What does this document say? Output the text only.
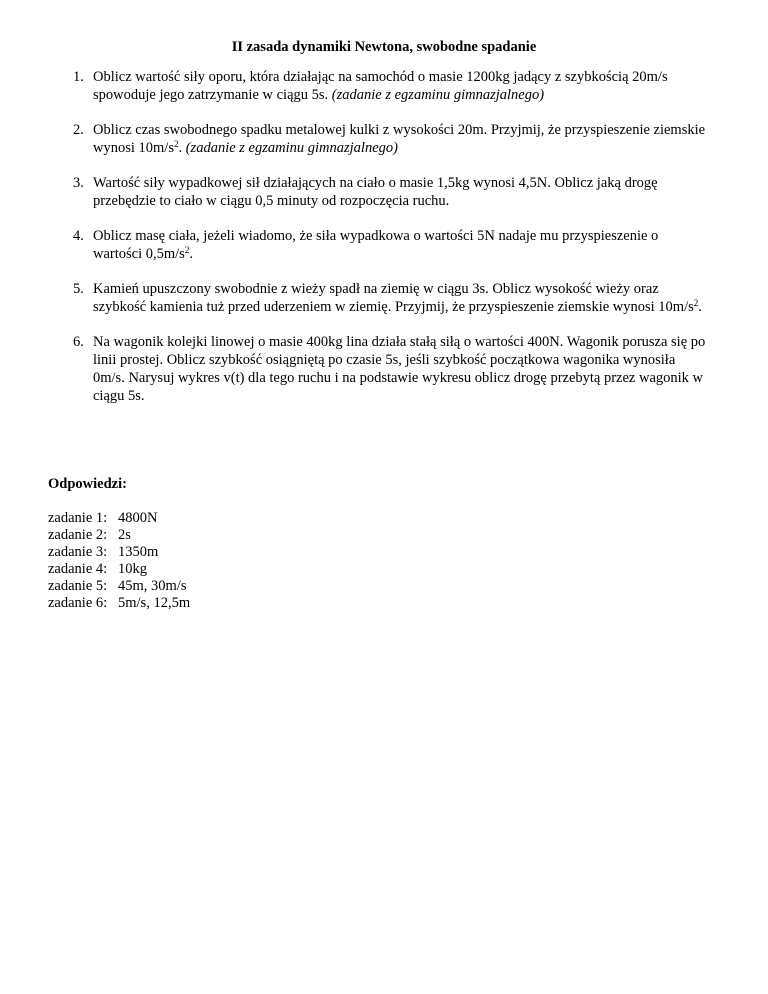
II zasada dynamiki Newtona, swobodne spadanie
1. Oblicz wartość siły oporu, która działając na samochód o masie 1200kg jadący z szybkością 20m/s spowoduje jego zatrzymanie w ciągu 5s. (zadanie z egzaminu gimnazjalnego)
2. Oblicz czas swobodnego spadku metalowej kulki z wysokości 20m. Przyjmij, że przyspieszenie ziemskie wynosi $10m/s^2$. (zadanie z egzaminu gimnazjalnego)
3. Wartość siły wypadkowej sił działających na ciało o masie 1,5kg wynosi 4,5N. Oblicz jaką drogę przebędzie to ciało w ciągu 0,5 minuty od rozpoczęcia ruchu.
4. Oblicz masę ciała, jeżeli wiadomo, że siła wypadkowa o wartości 5N nadaje mu przyspieszenie o wartości $0,5m/s^2$.
5. Kamień upuszczony swobodnie z wieży spadł na ziemię w ciągu 3s. Oblicz wysokość wieży oraz szybkość kamienia tuż przed uderzeniem w ziemię. Przyjmij, że przyspieszenie ziemskie wynosi $10m/s^2$.
6. Na wagonik kolejki linowej o masie 400kg lina działa stałą siłą o wartości 400N. Wagonik porusza się po linii prostej. Oblicz szybkość osiągniętą po czasie 5s, jeśli szybkość początkowa wagonika wynosiła 0m/s. Narysuj wykres v(t) dla tego ruchu i na podstawie wykresu oblicz drogę przebytą przez wagonik w ciągu 5s.
Odpowiedzi:
zadanie 1: 4800N
zadanie 2: 2s
zadanie 3: 1350m
zadanie 4: 10kg
zadanie 5: 45m, 30m/s
zadanie 6: 5m/s, 12,5m
